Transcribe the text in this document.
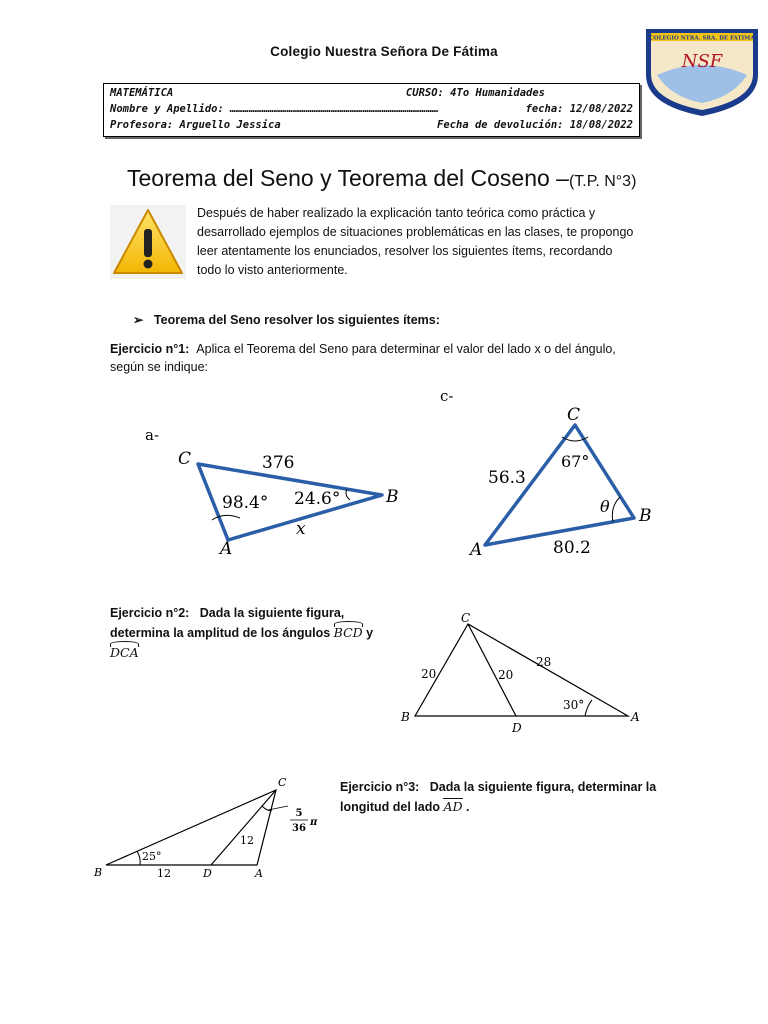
Colegio Nuestra Señora De Fátima
COLEGIO NTRA. SRA. DE FATIMA
NSF
MATEMÁTICA	CURSO: 4To Humanidades
Nombre y Apellido: ………………………………………………………………………………………	fecha: 12/08/2022
Profesora: Arguello Jessica	Fecha de devolución: 18/08/2022
Teorema del Seno y Teorema del Coseno –(T.P. N°3)
Después de haber realizado la explicación tanto teórica como práctica y desarrollado ejemplos de situaciones problemáticas en las clases, te propongo leer atentamente los enunciados, resolver los siguientes ítems, recordando todo lo visto anteriormente.
➢ Teorema del Seno resolver los siguientes ítems:
Ejercicio n°1: Aplica el Teorema del Seno para determinar el valor del lado x o del ángulo, según se indique:
a-
C
B
A
376
98.4° 24.6°
x
c-
C
B
A
56.3
67°
θ
80.2
Ejercicio n°2: Dada la siguiente figura, determina la amplitud de los ángulos BCD y DCA
C
B
D
A
20	20
28
30°
C
B	D	A
25°
12
12
5
36
π
Ejercicio n°3: Dada la siguiente figura, determinar la longitud del lado AD .
